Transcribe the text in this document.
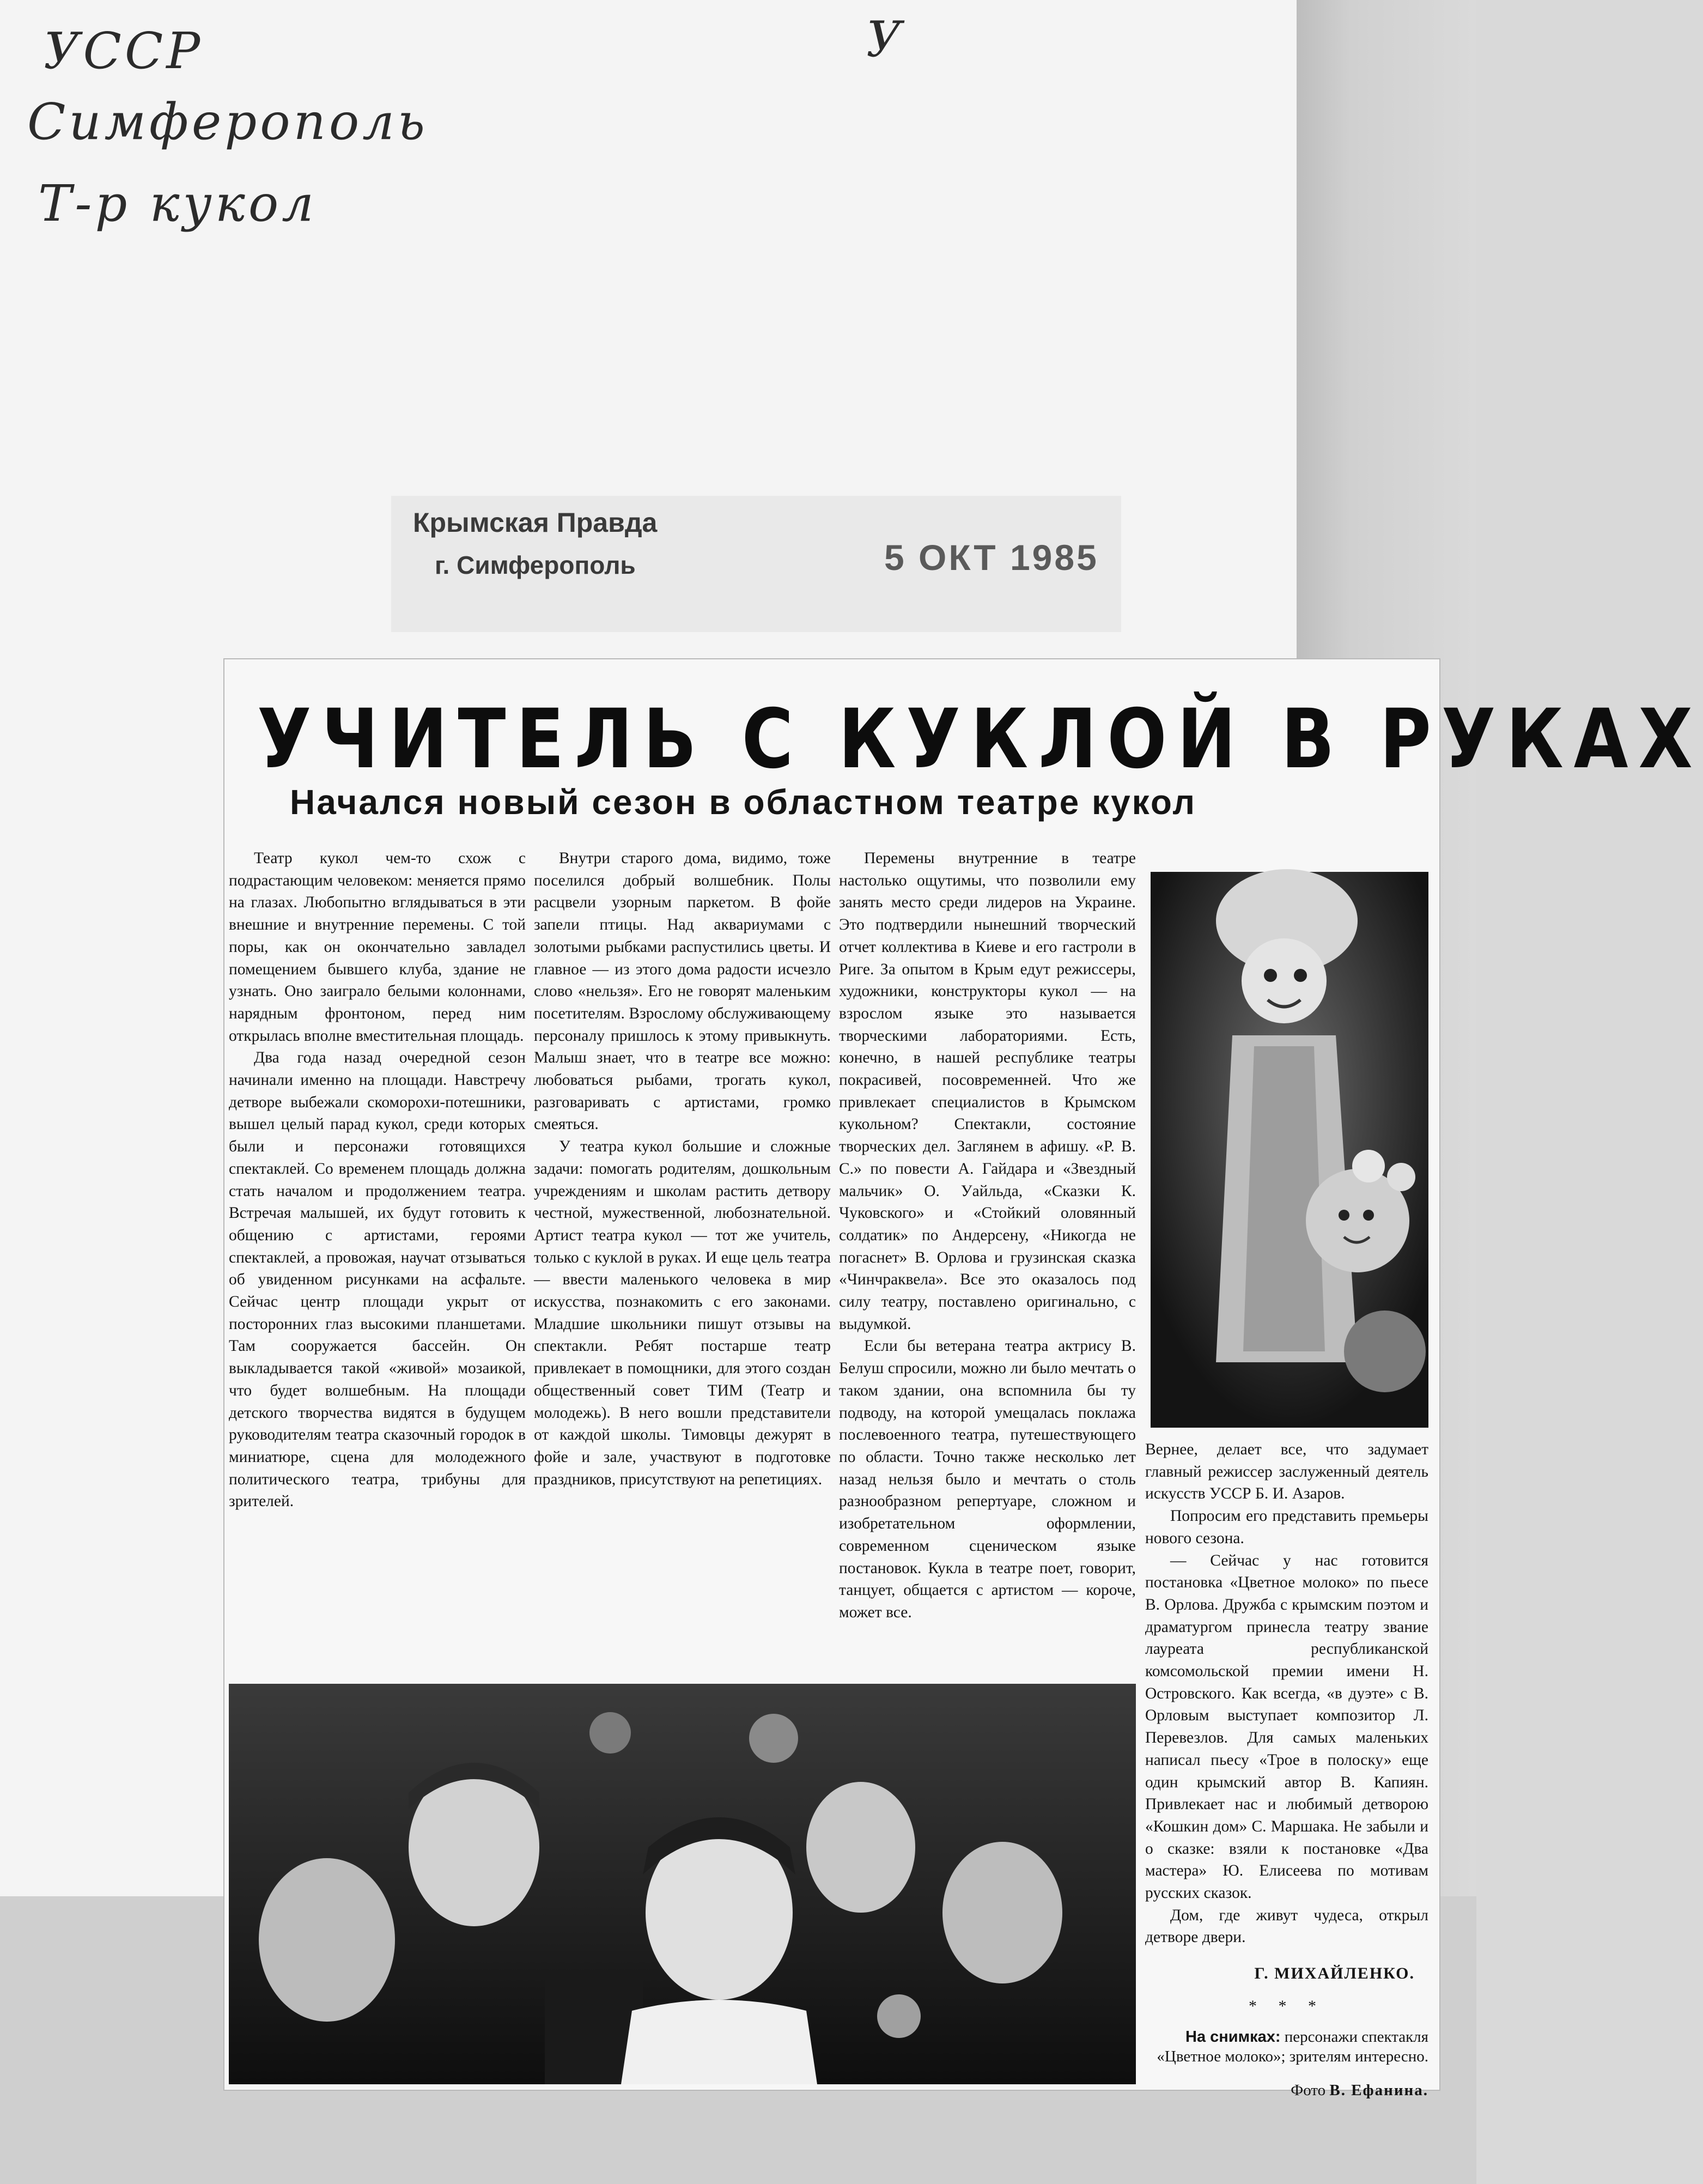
УССР
Симферополь
Т-р кукол
У
Крымская Правда
г. Симферополь	5 ОКТ 1985
УЧИТЕЛЬ С КУКЛОЙ В РУКАХ
Начался новый сезон в областном театре кукол

Театр кукол чем-то схож с подрастающим человеком: меняется прямо на глазах. Любопытно вглядываться в эти внешние и внутренние перемены. С той поры, как он окончательно завладел помещением бывшего клуба, здание не узнать. Оно заиграло белыми колоннами, нарядным фронтоном, перед ним открылась вполне вместительная площадь.

Два года назад очередной сезон начинали именно на площади. Навстречу детворе выбежали скоморохи-потешники, вышел целый парад кукол, среди которых были и персонажи готовящихся спектаклей. Со временем площадь должна стать началом и продолжением театра. Встречая малышей, их будут готовить к общению с артистами, героями спектаклей, а провожая, научат отзываться об увиденном рисунками на асфальте. Сейчас центр площади укрыт от посторонних глаз высокими планшетами. Там сооружается бассейн. Он выкладывается такой «живой» мозаикой, что будет волшебным. На площади детского творчества видятся в будущем руководителям театра сказочный городок в миниатюре, сцена для молодежного политического театра, трибуны для зрителей.

Внутри старого дома, видимо, тоже поселился добрый волшебник. Полы расцвели узорным паркетом. В фойе запели птицы. Над аквариумами с золотыми рыбками распустились цветы. И главное — из этого дома радости исчезло слово «нельзя». Его не говорят маленьким посетителям. Взрослому обслуживающему персоналу пришлось к этому привыкнуть. Малыш знает, что в театре все можно: любоваться рыбами, трогать кукол, разговаривать с артистами, громко смеяться.

У театра кукол большие и сложные задачи: помогать родителям, дошкольным учреждениям и школам растить детвору честной, мужественной, любознательной. Артист театра кукол — тот же учитель, только с куклой в руках. И еще цель театра — ввести маленького человека в мир искусства, познакомить с его законами. Младшие школьники пишут отзывы на спектакли. Ребят постарше театр привлекает в помощники, для этого создан общественный совет ТИМ (Театр и молодежь). В него вошли представители от каждой школы. Тимовцы дежурят в фойе и зале, участвуют в подготовке праздников, присутствуют на репетициях.

Перемены внутренние в театре настолько ощутимы, что позволили ему занять место среди лидеров на Украине. Это подтвердили нынешний творческий отчет коллектива в Киеве и его гастроли в Риге. За опытом в Крым едут режиссеры, художники, конструкторы кукол — на взрослом языке это называется творческими лабораториями. Есть, конечно, в нашей республике театры покрасивей, посовременней. Что же привлекает специалистов в Крымском кукольном? Спектакли, состояние творческих дел. Заглянем в афишу. «Р. В. С.» по повести А. Гайдара и «Звездный мальчик» О. Уайльда, «Сказки К. Чуковского» и «Стойкий оловянный солдатик» по Андерсену, «Никогда не погаснет» В. Орлова и грузинская сказка «Чинчраквела». Все это оказалось под силу театру, поставлено оригинально, с выдумкой.

Если бы ветерана театра актрису В. Белуш спросили, можно ли было мечтать о таком здании, она вспомнила бы ту подводу, на которой умещалась поклажа послевоенного театра, путешествующего по области. Точно также несколько лет назад нельзя было и мечтать о столь разнообразном репертуаре, сложном и изобретательном оформлении, современном сценическом языке постановок. Кукла в театре поет, говорит, танцует, общается с артистом — короче, может все.

Вернее, делает все, что задумает главный режиссер заслуженный деятель искусств УССР Б. И. Азаров.

Попросим его представить премьеры нового сезона.

— Сейчас у нас готовится постановка «Цветное молоко» по пьесе В. Орлова. Дружба с крымским поэтом и драматургом принесла театру звание лауреата республиканской комсомольской премии имени Н. Островского. Как всегда, «в дуэте» с В. Орловым выступает композитор Л. Перевезлов. Для самых маленьких написал пьесу «Трое в полоску» еще один крымский автор В. Капиян. Привлекает нас и любимый детворою «Кошкин дом» С. Маршака. Не забыли и о сказке: взяли к постановке «Два мастера» Ю. Елисеева по мотивам русских сказок.

Дом, где живут чудеса, открыл детворе двери.

Г. МИХАЙЛЕНКО.
* * *
На снимках: персонажи спектакля «Цветное молоко»; зрителям интересно.
Фото В. Ефанина.
